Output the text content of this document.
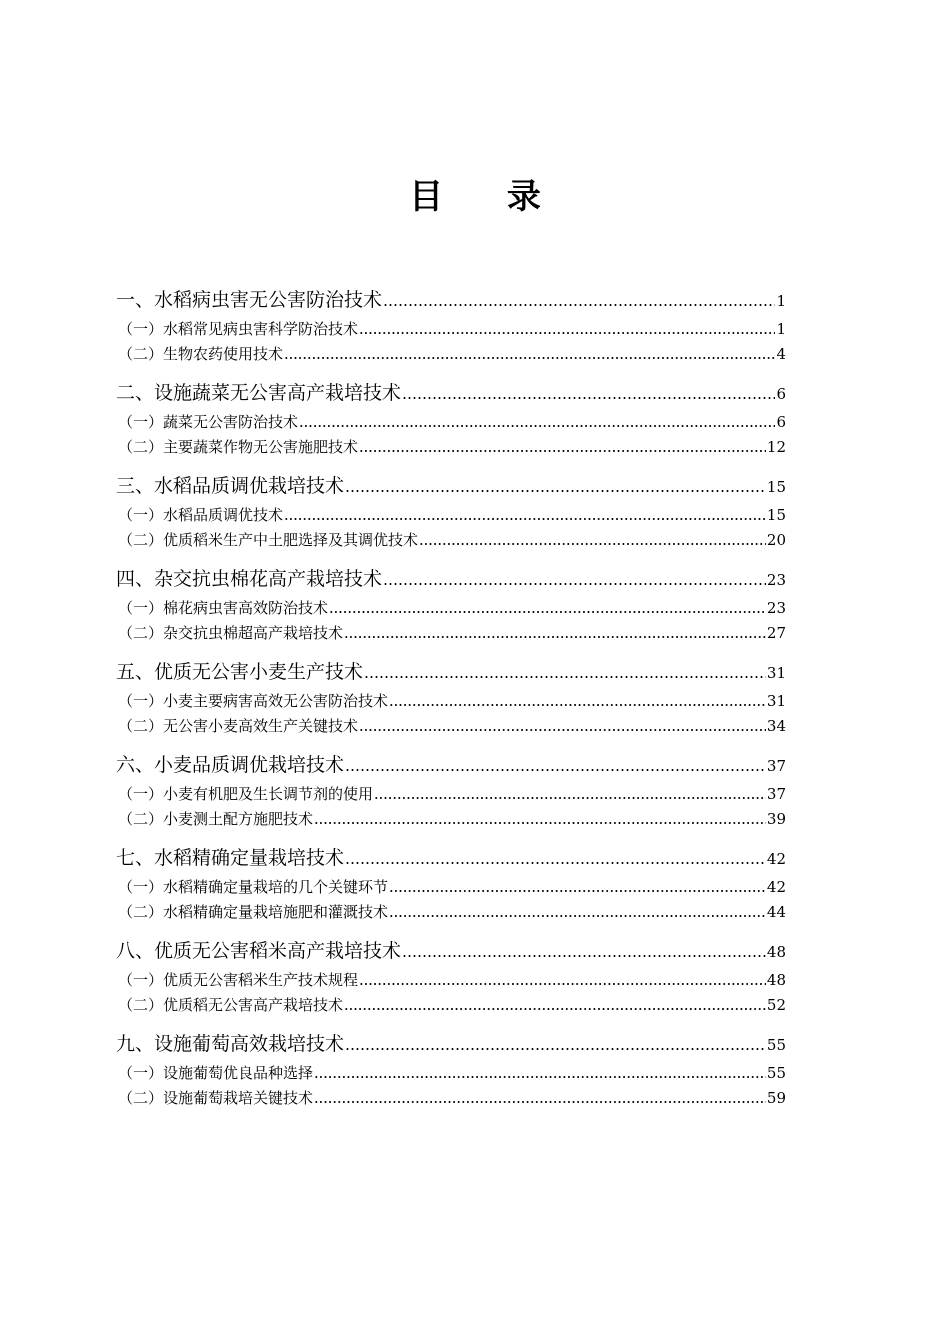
目 录
一、水稻病虫害无公害防治技术	1
（一）水稻常见病虫害科学防治技术	1
（二）生物农药使用技术	4
二、设施蔬菜无公害高产栽培技术	6
（一）蔬菜无公害防治技术	6
（二）主要蔬菜作物无公害施肥技术	12
三、水稻品质调优栽培技术	15
（一）水稻品质调优技术	15
（二）优质稻米生产中土肥选择及其调优技术	20
四、杂交抗虫棉花高产栽培技术	23
（一）棉花病虫害高效防治技术	23
（二）杂交抗虫棉超高产栽培技术	27
五、优质无公害小麦生产技术	31
（一）小麦主要病害高效无公害防治技术	31
（二）无公害小麦高效生产关键技术	34
六、小麦品质调优栽培技术	37
（一）小麦有机肥及生长调节剂的使用	37
（二）小麦测土配方施肥技术	39
七、水稻精确定量栽培技术	42
（一）水稻精确定量栽培的几个关键环节	42
（二）水稻精确定量栽培施肥和灌溉技术	44
八、优质无公害稻米高产栽培技术	48
（一）优质无公害稻米生产技术规程	48
（二）优质稻无公害高产栽培技术	52
九、设施葡萄高效栽培技术	55
（一）设施葡萄优良品种选择	55
（二）设施葡萄栽培关键技术	59
